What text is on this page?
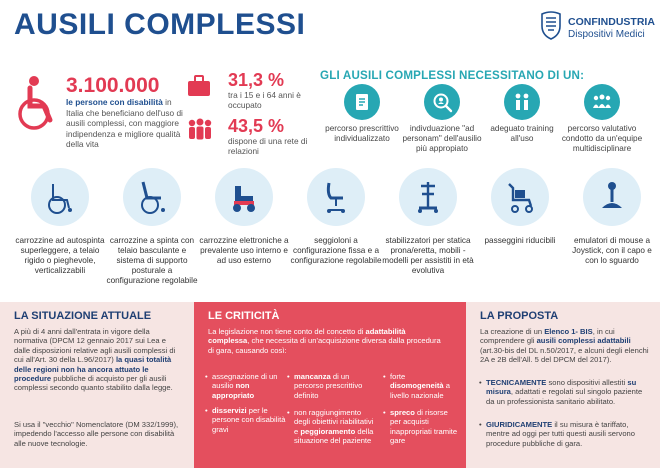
AUSILI COMPLESSI	CONFINDUSTRIA
Dispositivi Medici
3.100.000
le persone con disabilità in Italia che beneficiano dell'uso di ausili complessi, con maggiore indipendenza e migliore qualità della vita
31,3 %
tra i 15 e i 64 anni è occupato
43,5 %
dispone di una rete di relazioni
GLI AUSILI COMPLESSI NECESSITANO DI UN:
percorso prescrittivo individualizzato
indivduazione "ad personam" dell'ausilio più appropiato
adeguato training all'uso
percorso valutativo condotto da un'equipe multidisciplinare
carrozzine ad autospinta superleggere, a telaio rigido o pieghevole, verticalizzabili
carrozzine a spinta con telaio basculante e sistema di supporto posturale a configurazione regolabile
carrozzine elettroniche a prevalente uso interno e ad uso esterno
seggioloni a configurazione fissa e a configurazione regolabile
stabilizzatori per statica prona/eretta, mobili - modelli per assistiti in età evolutiva
passeggini riducibili	emulatori di mouse a Joystick, con il capo e con lo sguardo
LA SITUAZIONE ATTUALE
A più di 4 anni dall'entrata in vigore della normativa (DPCM 12 gennaio 2017 sui Lea e dalle disposizioni relative agli ausili complessi di cui all'Art. 30 della L.96/2017) la quasi totalità delle regioni non ha ancora attuato le procedure pubbliche di acquisto per gli ausili complessi secondo quanto stabilito dalla legge.
Si usa il "vecchio" Nomenclatore (DM 332/1999), impedendo l'accesso alle persone con disabilità alle nuove tecnologie.
LE CRITICITÀ
La legislazione non tiene conto del concetto di adattabilità complessa, che necessita di un'acquisizione diversa dalla procedura di gara, causando così:
• assegnazione di un ausilio non appropriato
• disservizi per le persone con disabilità gravi
• mancanza di un percorso prescrittivo definito
• non raggiungimento degli obiettivi riabilitativi e peggioramento della situazione del paziente
• forte disomogeneità a livello nazionale
• spreco di risorse per acquisti inappropriati tramite gare
LA PROPOSTA
La creazione di un Elenco 1- BIS, in cui comprendere gli ausili complessi adattabili (art.30-bis del DL n.50/2017, e alcuni degli elenchi 2A e 2B dell'All. 5 del DPCM del 2017).
• TECNICAMENTE sono dispositivi allestiti su misura, adattati e regolati sul singolo paziente da un professionista sanitario abilitato.
• GIURIDICAMENTE il su misura è tariffato, mentre ad oggi per tutti questi ausili servono procedure pubbliche di gara.
